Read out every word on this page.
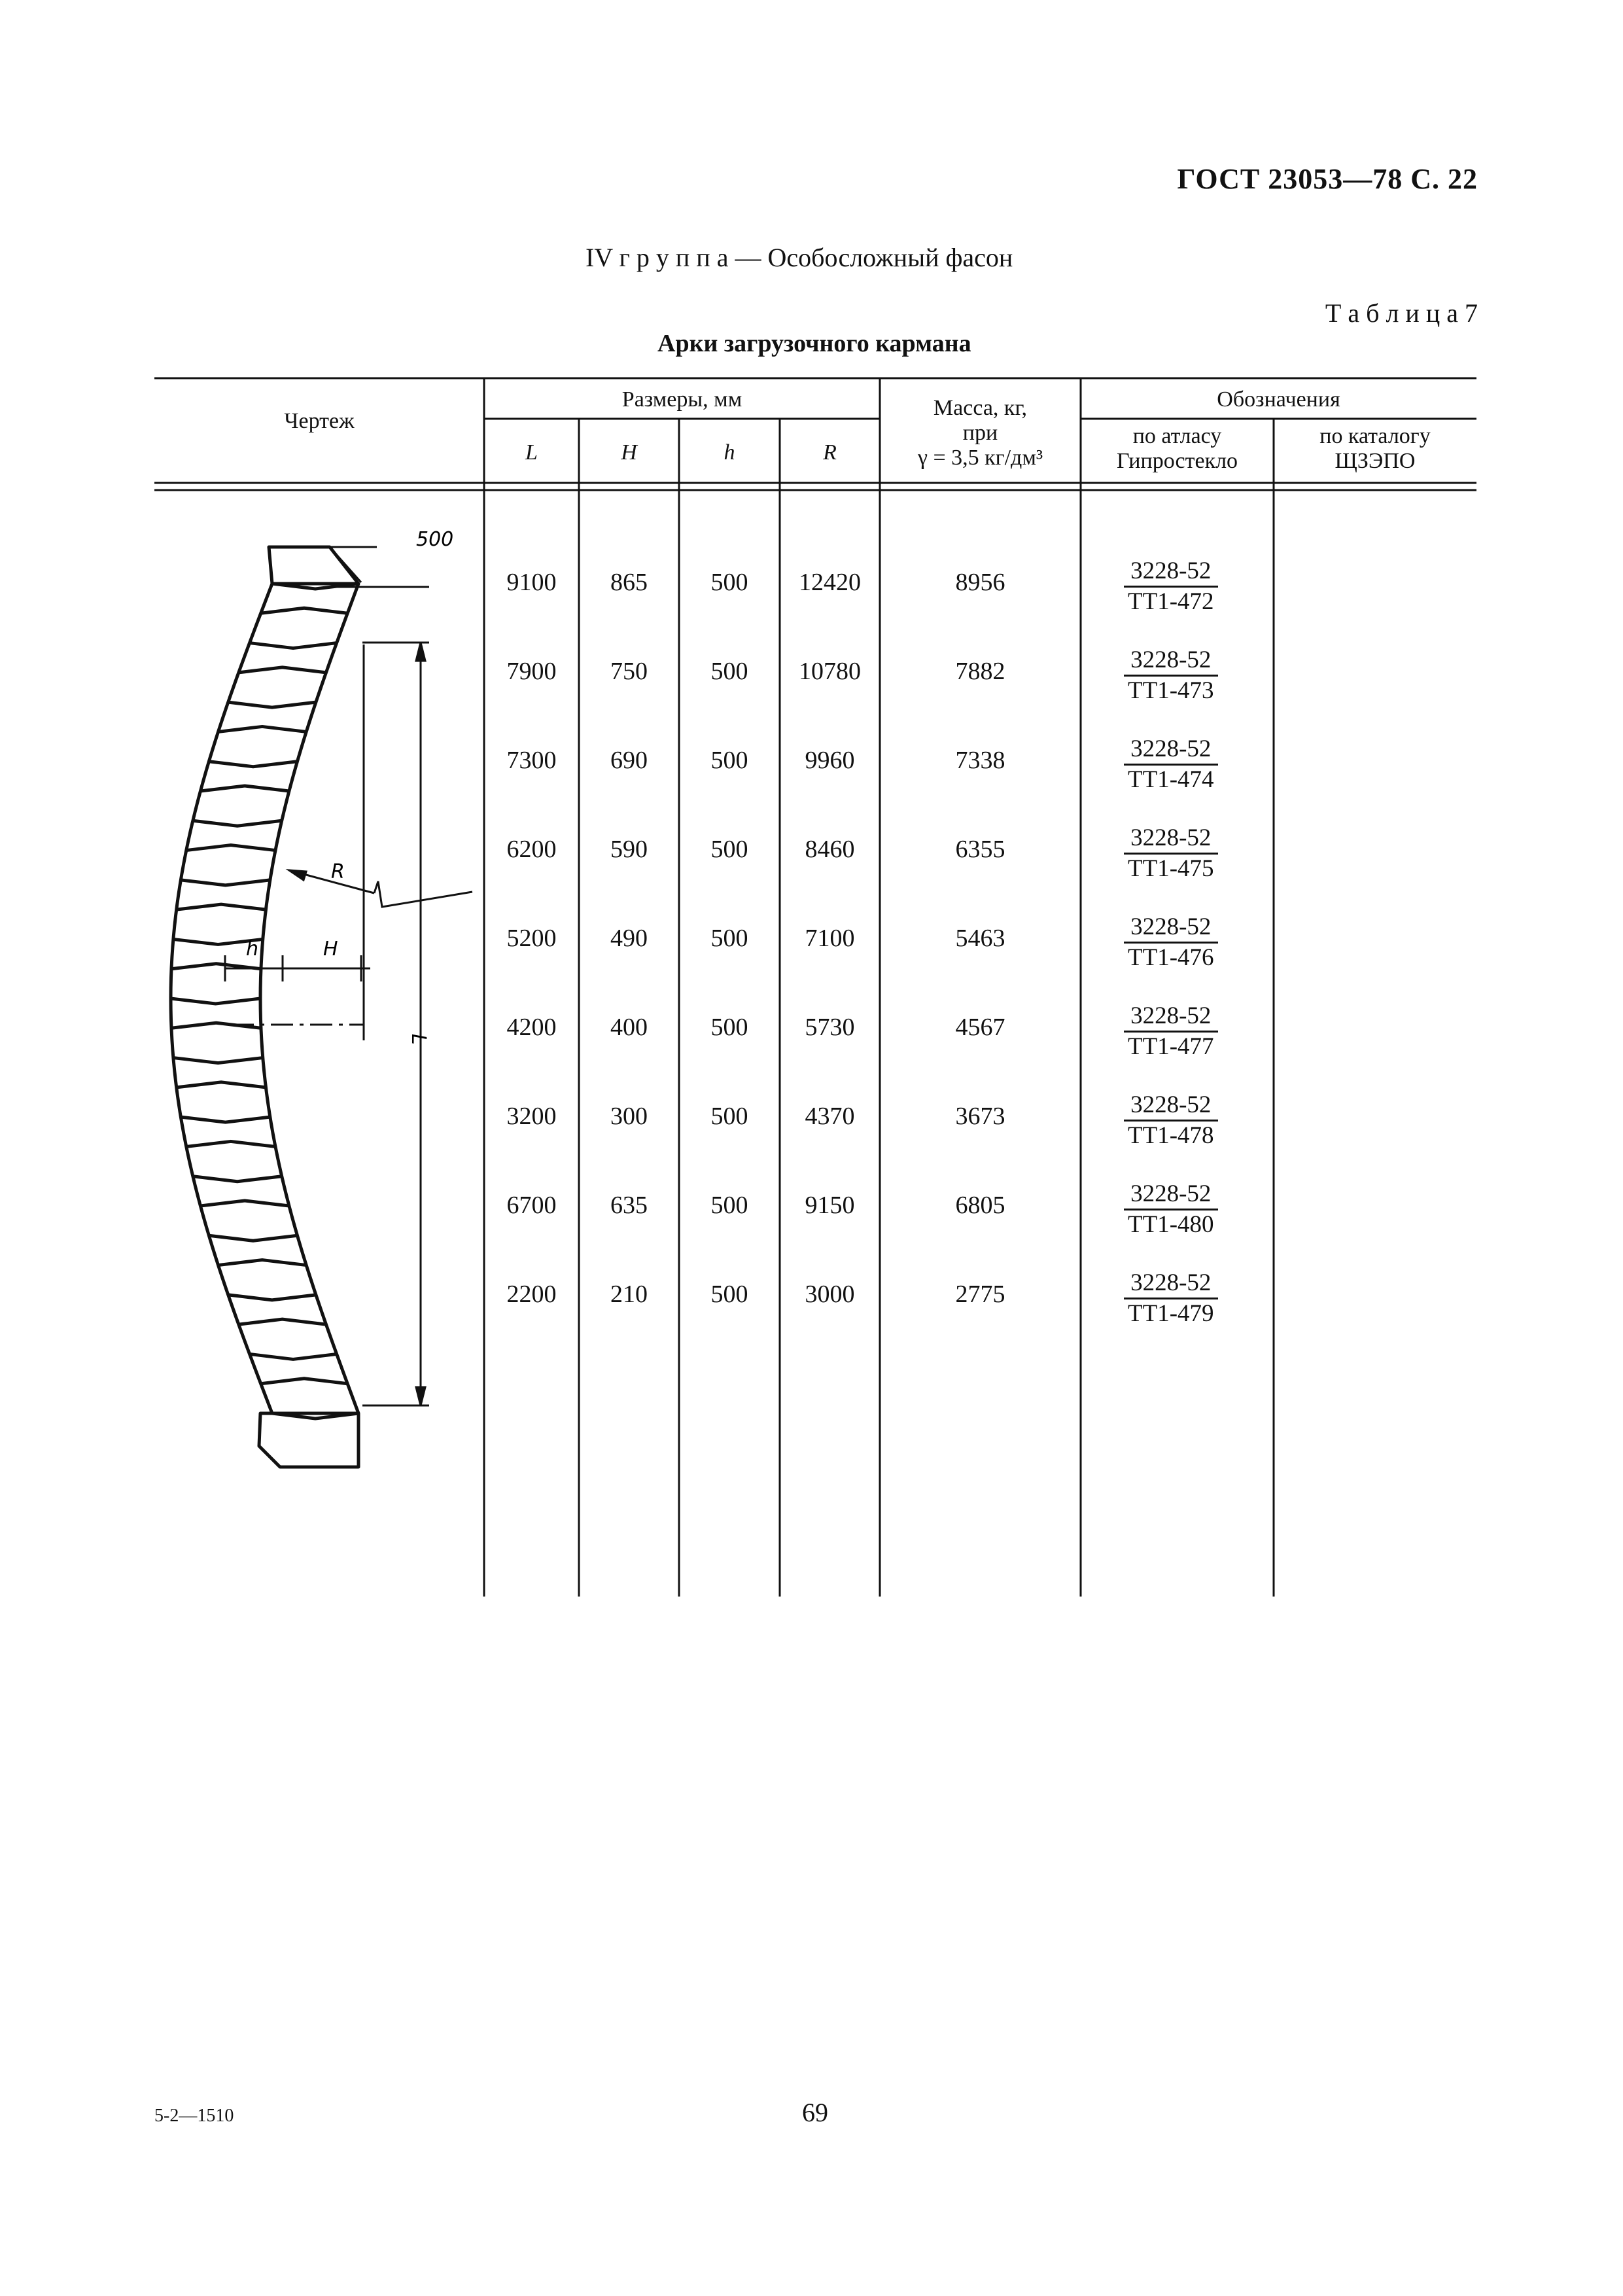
ГОСТ 23053—78 С. 22
IV г р у п п а — Особосложный фасон
Т а б л и ц а 7
Арки загрузочного кармана
Чертеж
Размеры, мм
L	H	h	R
Масса, кг,
при
γ = 3,5 кг/дм³
Обозначения
по атласу
Гипростекло
по каталогу
ЩЗЭПО
9100	865	500	12420	8956	3228-52
ТТ1-472
7900	750	500	10780	7882	3228-52
ТТ1-473
7300	690	500	9960	7338	3228-52
ТТ1-474
6200	590	500	8460	6355	3228-52
ТТ1-475
5200	490	500	7100	5463	3228-52
ТТ1-476
4200	400	500	5730	4567	3228-52
ТТ1-477
3200	300	500	4370	3673	3228-52
ТТ1-478
6700	635	500	9150	6805	3228-52
ТТ1-480
2200	210	500	3000	2775	3228-52
ТТ1-479
500
R
h	H
L
5-2—1510	69
